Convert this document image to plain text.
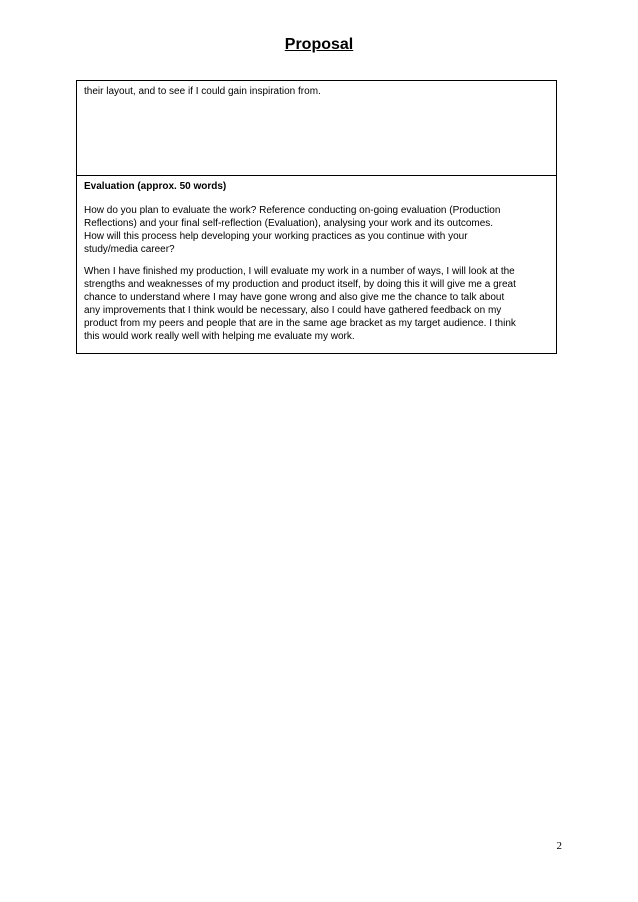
Proposal

their layout, and to see if I could gain inspiration from.

Evaluation (approx. 50 words)

How do you plan to evaluate the work? Reference conducting on-going evaluation (Production
Reflections) and your final self-reflection (Evaluation), analysing your work and its outcomes.
How will this process help developing your working practices as you continue with your
study/media career?

When I have finished my production, I will evaluate my work in a number of ways, I will look at the
strengths and weaknesses of my production and product itself, by doing this it will give me a great
chance to understand where I may have gone wrong and also give me the chance to talk about
any improvements that I think would be necessary, also I could have gathered feedback on my
product from my peers and people that are in the same age bracket as my target audience. I think
this would work really well with helping me evaluate my work.

2
